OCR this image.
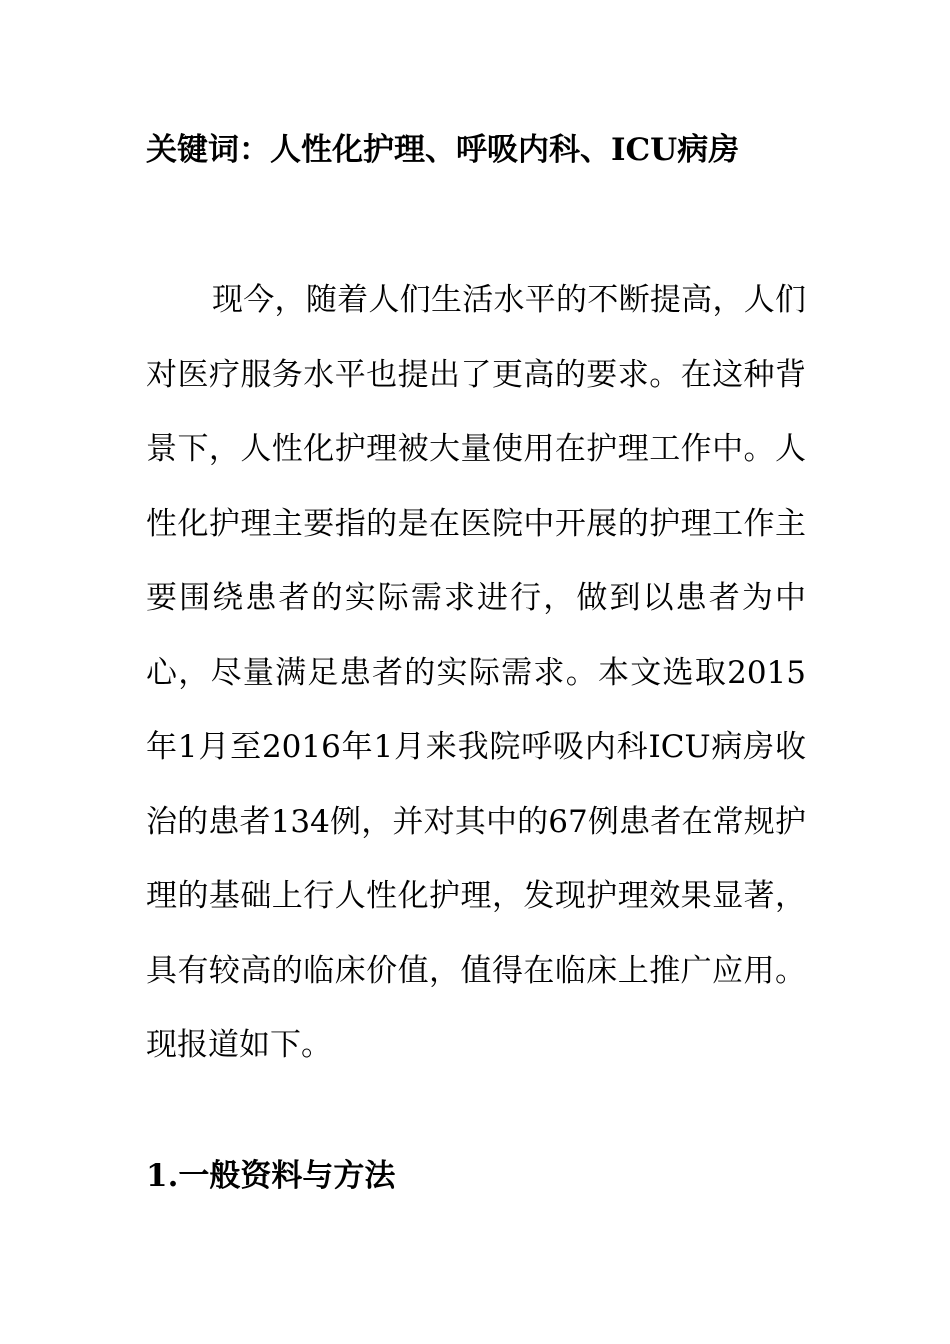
关键词：人性化护理、呼吸内科、ICU病房

现今，随着人们生活水平的不断提高，人们对医疗服务水平也提出了更高的要求。在这种背景下，人性化护理被大量使用在护理工作中。人性化护理主要指的是在医院中开展的护理工作主要围绕患者的实际需求进行，做到以患者为中心，尽量满足患者的实际需求。本文选取2015年1月至2016年1月来我院呼吸内科ICU病房收治的患者134例，并对其中的67例患者在常规护理的基础上行人性化护理，发现护理效果显著，具有较高的临床价值，值得在临床上推广应用。现报道如下。

1.一般资料与方法
